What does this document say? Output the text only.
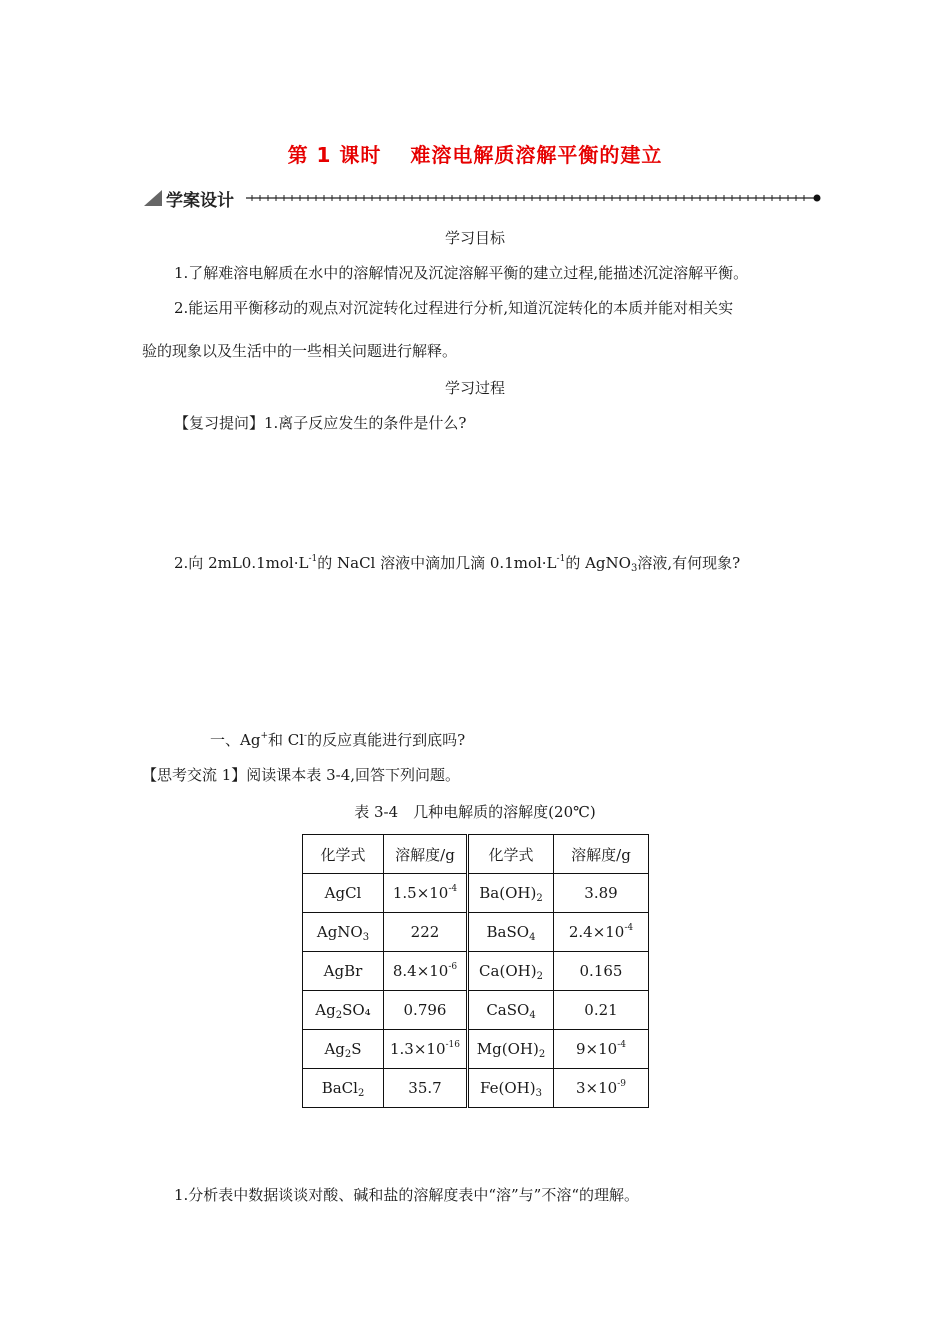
第 1 课时　 难溶电解质溶解平衡的建立
学案设计
学习目标
1.了解难溶电解质在水中的溶解情况及沉淀溶解平衡的建立过程,能描述沉淀溶解平衡。
2.能运用平衡移动的观点对沉淀转化过程进行分析,知道沉淀转化的本质并能对相关实
验的现象以及生活中的一些相关问题进行解释。
学习过程
【复习提问】1.离子反应发生的条件是什么?
2.向 $2mL0.1mol\cdot L^{-1}$的 NaCl 溶液中滴加几滴 $0.1mol\cdot L^{-1}$的 AgNO$_3$溶液,有何现象?
一、Ag+和 Cl-的反应真能进行到底吗?
【思考交流 1】阅读课本表 3-4,回答下列问题。
表 3-4　几种电解质的溶解度(20℃)
化学式	溶解度/g	化学式	溶解度/g
AgCl	$1.5\times 10^{-4}$	$Ba(OH)_2$	3.89
AgNO$_3$	222	BaSO$_4$	$2.4\times 10^{-4}$
AgBr	$8.4\times 10^{-6}$	$Ca(OH)_2$	0.165
$Ag_2SO_4$	0.796	CaSO$_4$	0.21
$Ag_2S$	$1.3\times 10^{-16}$	$Mg(OH)_2$	$9\times 10^{-4}$
BaCl$_2$	35.7	$Fe(OH)_3$	$3\times 10^{-9}$
1.分析表中数据谈谈对酸、碱和盐的溶解度表中“溶”与”不溶“的理解。
